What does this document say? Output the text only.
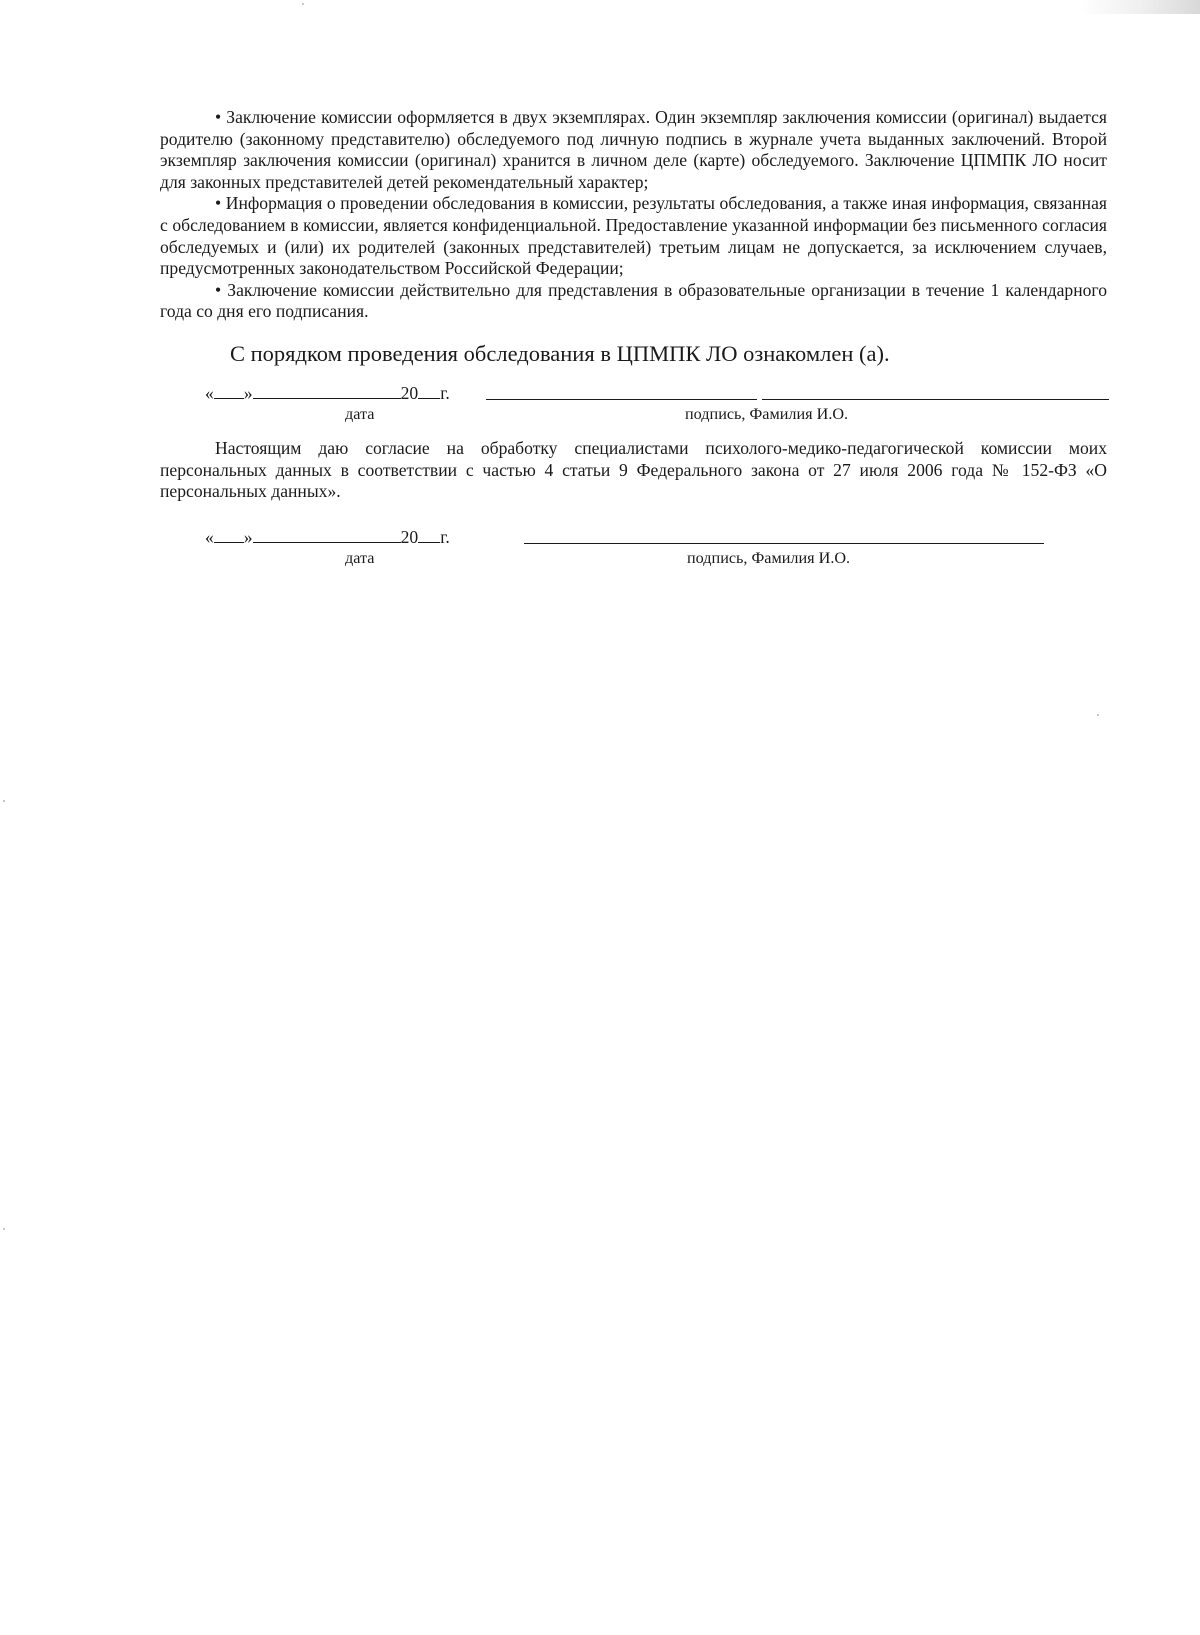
• Заключение комиссии оформляется в двух экземплярах. Один экземпляр заключения комиссии (оригинал) выдается родителю (законному представителю) обследуемого под личную подпись в журнале учета выданных заключений. Второй экземпляр заключения комиссии (оригинал) хранится в личном деле (карте) обследуемого. Заключение ЦПМПК ЛО носит для законных представителей детей рекомендательный характер;

• Информация о проведении обследования в комиссии, результаты обследования, а также иная информация, связанная с обследованием в комиссии, является конфиденциальной. Предоставление указанной информации без письменного согласия обследуемых и (или) их родителей (законных представителей) третьим лицам не допускается, за исключением случаев, предусмотренных законодательством Российской Федерации;

• Заключение комиссии действительно для представления в образовательные организации в течение 1 календарного года со дня его подписания.

С порядком проведения обследования в ЦПМПК ЛО ознакомлен (а).

« »	20 г.
дата	подпись, Фамилия И.О.

Настоящим даю согласие на обработку специалистами психолого-медико-педагогической комиссии моих персональных данных в соответствии с частью 4 статьи 9 Федерального закона от 27 июля 2006 года № 152-ФЗ «О персональных данных».

« »	20 г.
дата	подпись, Фамилия И.О.
